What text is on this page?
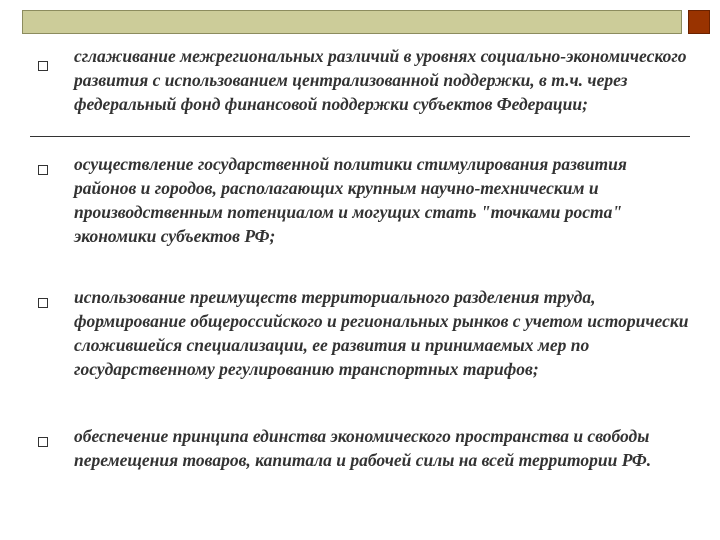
сглаживание межрегиональных различий в уровнях социально-экономического развития с использованием централизованной поддержки, в т.ч. через федеральный фонд финансовой поддержки субъектов Федерации;

осуществление государственной политики стимулирования развития районов и городов, располагающих крупным научно-техническим и производственным потенциалом и могущих стать "точками роста" экономики субъектов РФ;

использование преимуществ территориального разделения труда, формирование общероссийского и региональных рынков с учетом исторически сложившейся специализации, ее развития и принимаемых мер по государственному регулированию транспортных тарифов;

обеспечение принципа единства экономического пространства и свободы перемещения товаров, капитала и рабочей силы на всей территории РФ.
